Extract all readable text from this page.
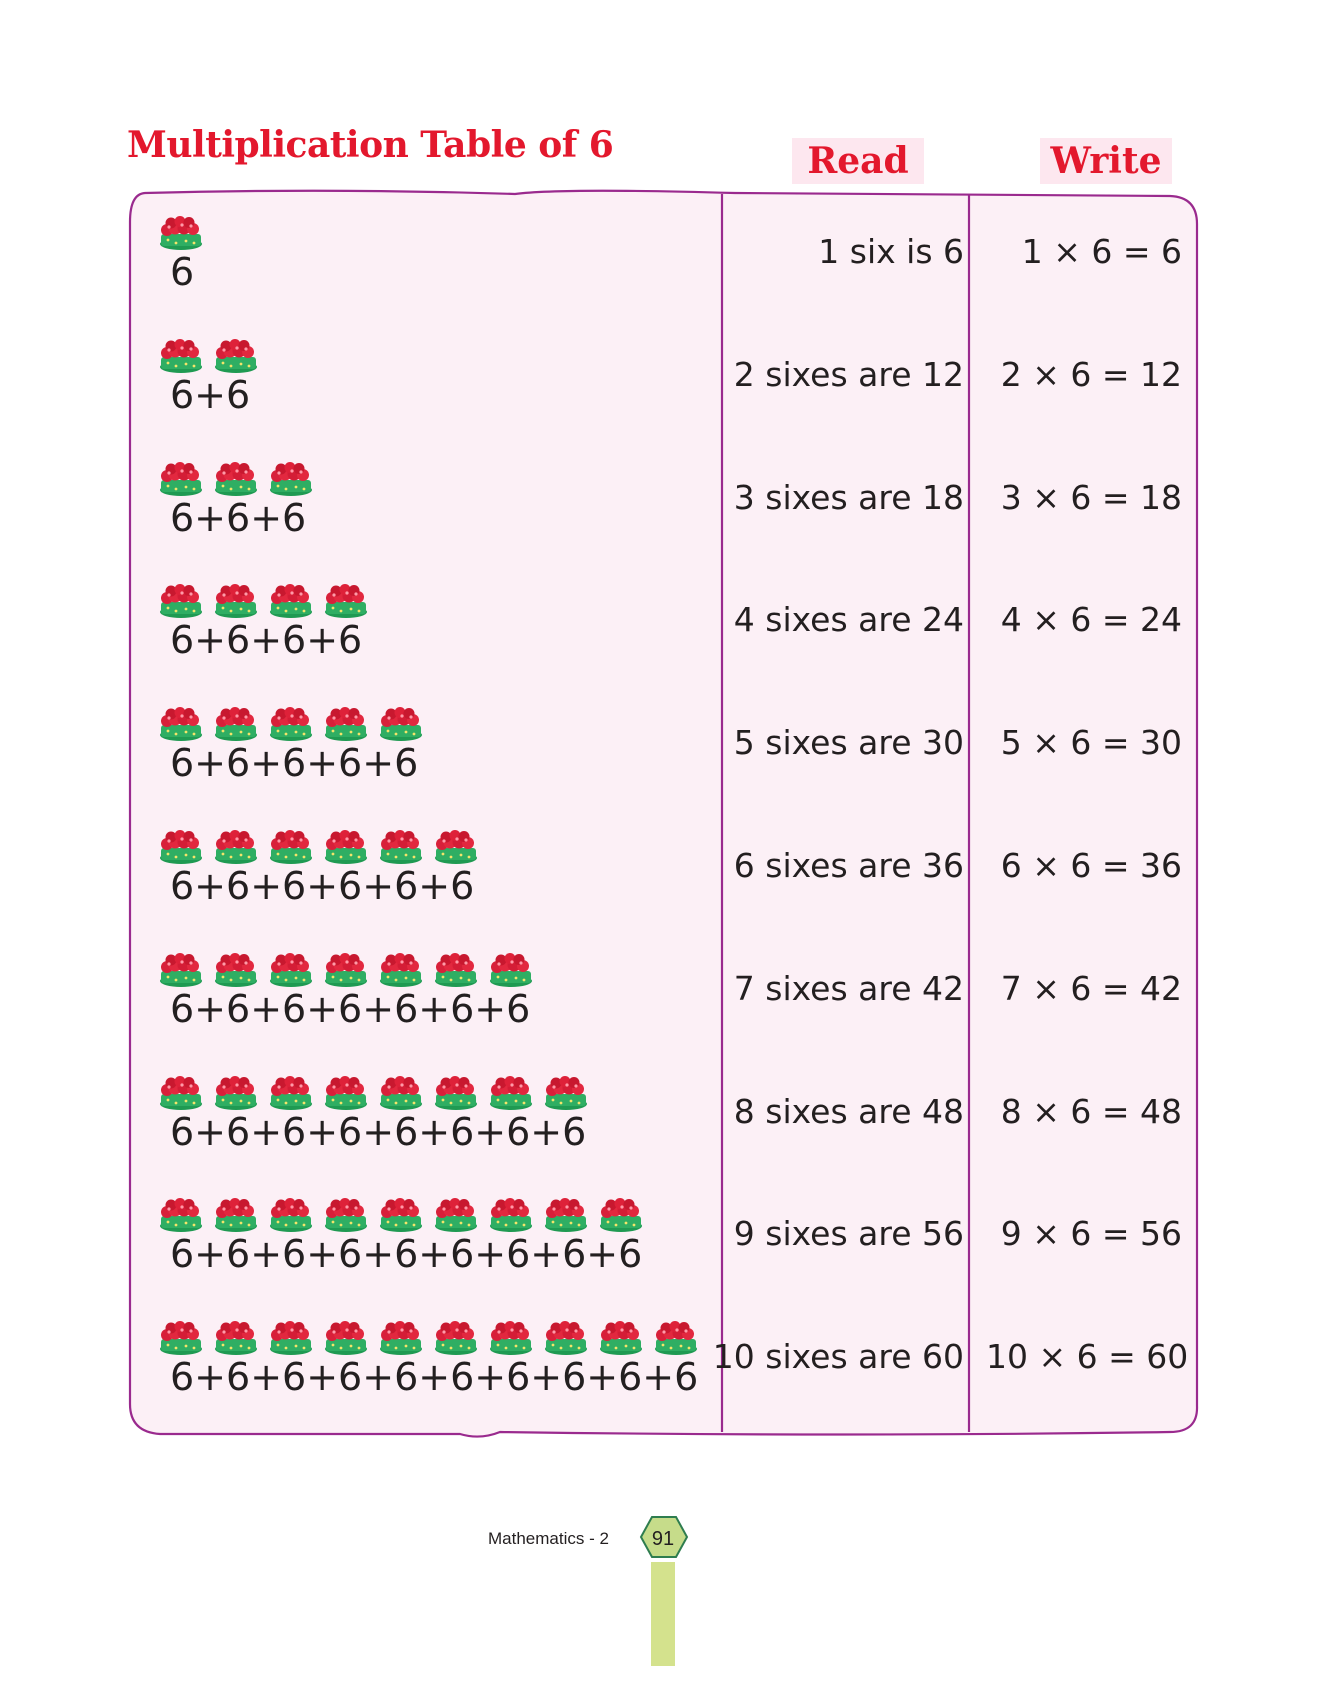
Multiplication Table of 6	Read	Write
6	1 six is 6	1 × 6 = 6
6+6	2 sixes are 12	2 × 6 = 12
6+6+6	3 sixes are 18	3 × 6 = 18
6+6+6+6	4 sixes are 24	4 × 6 = 24
6+6+6+6+6	5 sixes are 30	5 × 6 = 30
6+6+6+6+6+6	6 sixes are 36	6 × 6 = 36
6+6+6+6+6+6+6	7 sixes are 42	7 × 6 = 42
6+6+6+6+6+6+6+6	8 sixes are 48	8 × 6 = 48
6+6+6+6+6+6+6+6+6	9 sixes are 56	9 × 6 = 56
6+6+6+6+6+6+6+6+6+6 10 sixes are 60 10 × 6 = 60
Mathematics - 2	91
